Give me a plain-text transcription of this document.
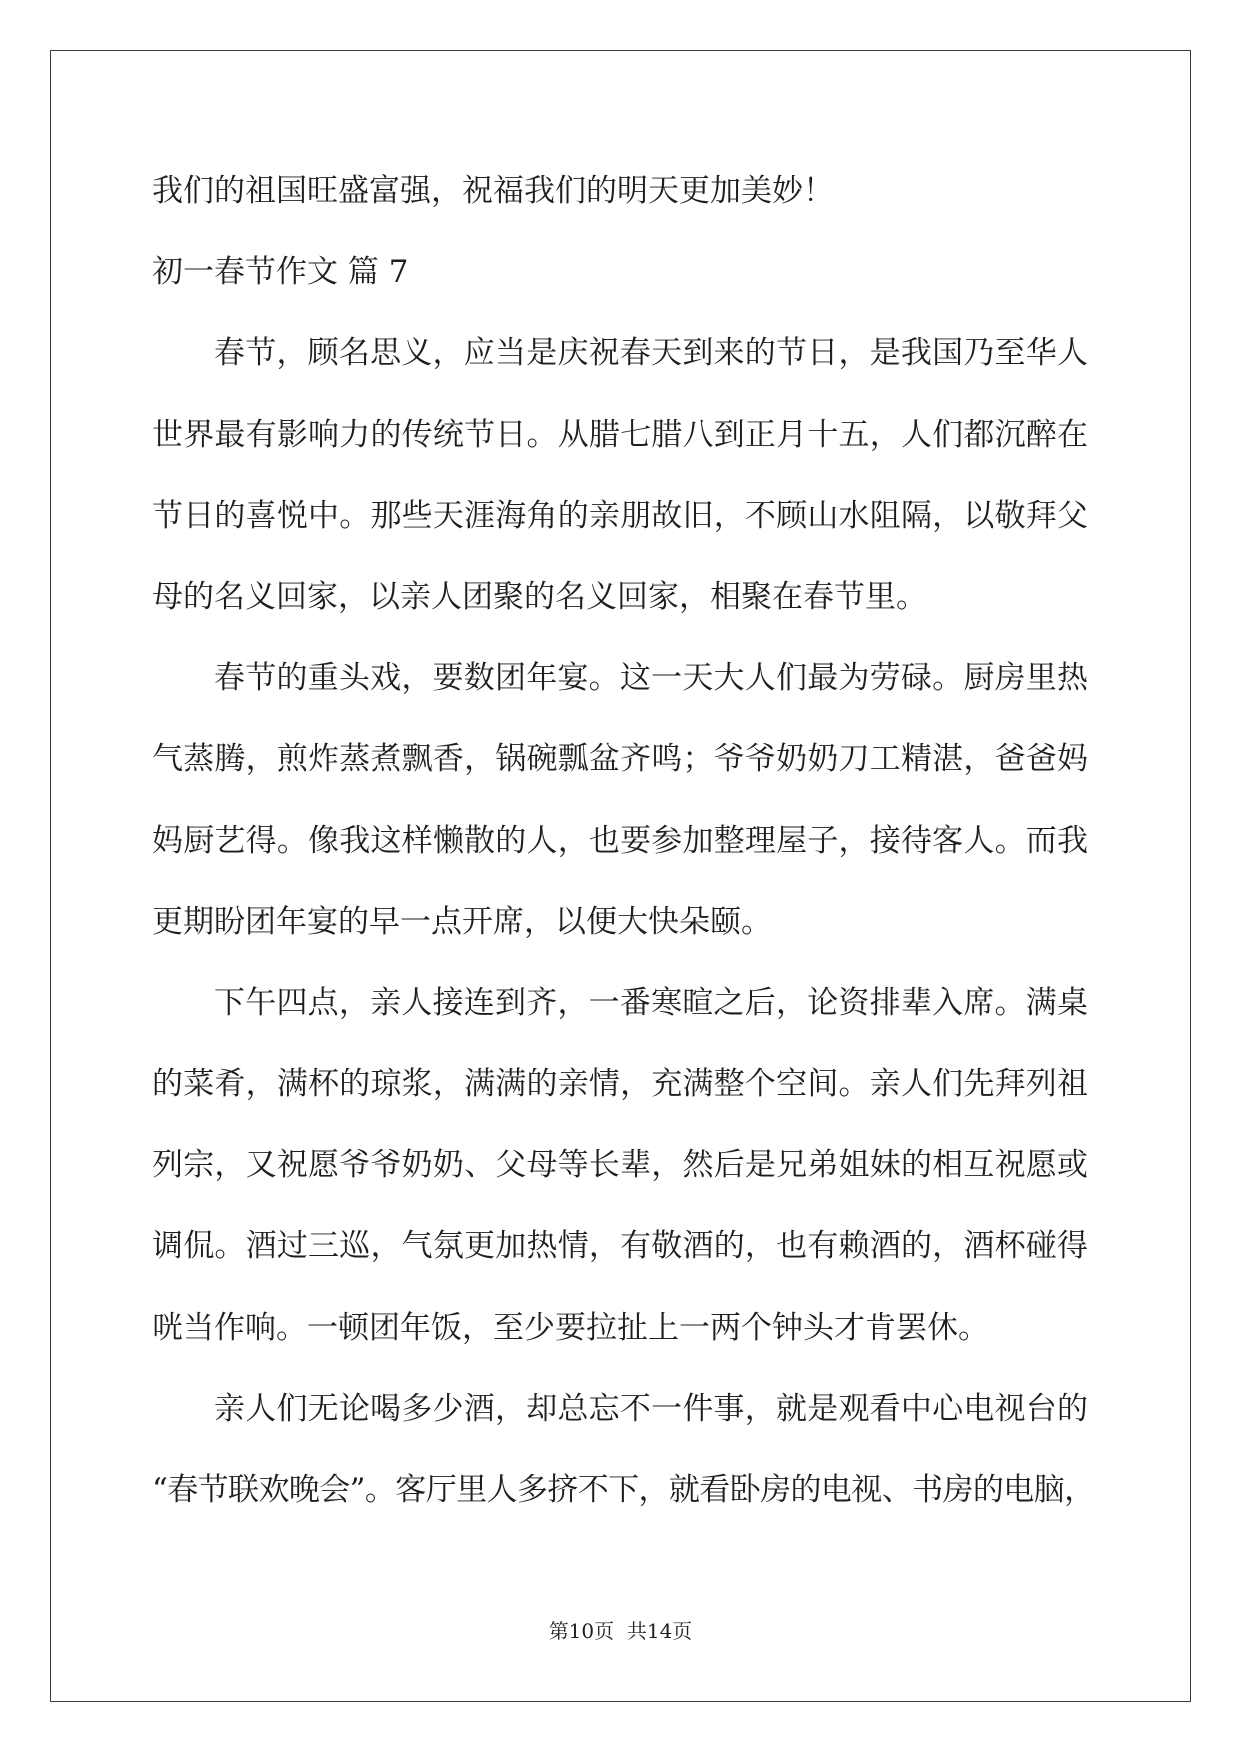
我们的祖国旺盛富强，祝福我们的明天更加美妙！
初一春节作文 篇 7
春节，顾名思义，应当是庆祝春天到来的节日，是我国乃至华人
世界最有影响力的传统节日。从腊七腊八到正月十五，人们都沉醉在
节日的喜悦中。那些天涯海角的亲朋故旧，不顾山水阻隔，以敬拜父
母的名义回家，以亲人团聚的名义回家，相聚在春节里。
春节的重头戏，要数团年宴。这一天大人们最为劳碌。厨房里热
气蒸腾，煎炸蒸煮飘香，锅碗瓢盆齐鸣；爷爷奶奶刀工精湛，爸爸妈
妈厨艺得。像我这样懒散的人，也要参加整理屋子，接待客人。而我
更期盼团年宴的早一点开席，以便大快朵颐。
下午四点，亲人接连到齐，一番寒暄之后，论资排辈入席。满桌
的菜肴，满杯的琼浆，满满的亲情，充满整个空间。亲人们先拜列祖
列宗，又祝愿爷爷奶奶、父母等长辈，然后是兄弟姐妹的相互祝愿或
调侃。酒过三巡，气氛更加热情，有敬酒的，也有赖酒的，酒杯碰得
咣当作响。一顿团年饭，至少要拉扯上一两个钟头才肯罢休。
亲人们无论喝多少酒，却总忘不一件事，就是观看中心电视台的
“春节联欢晚会”。客厅里人多挤不下，就看卧房的电视、书房的电脑，
第10页  共14页
